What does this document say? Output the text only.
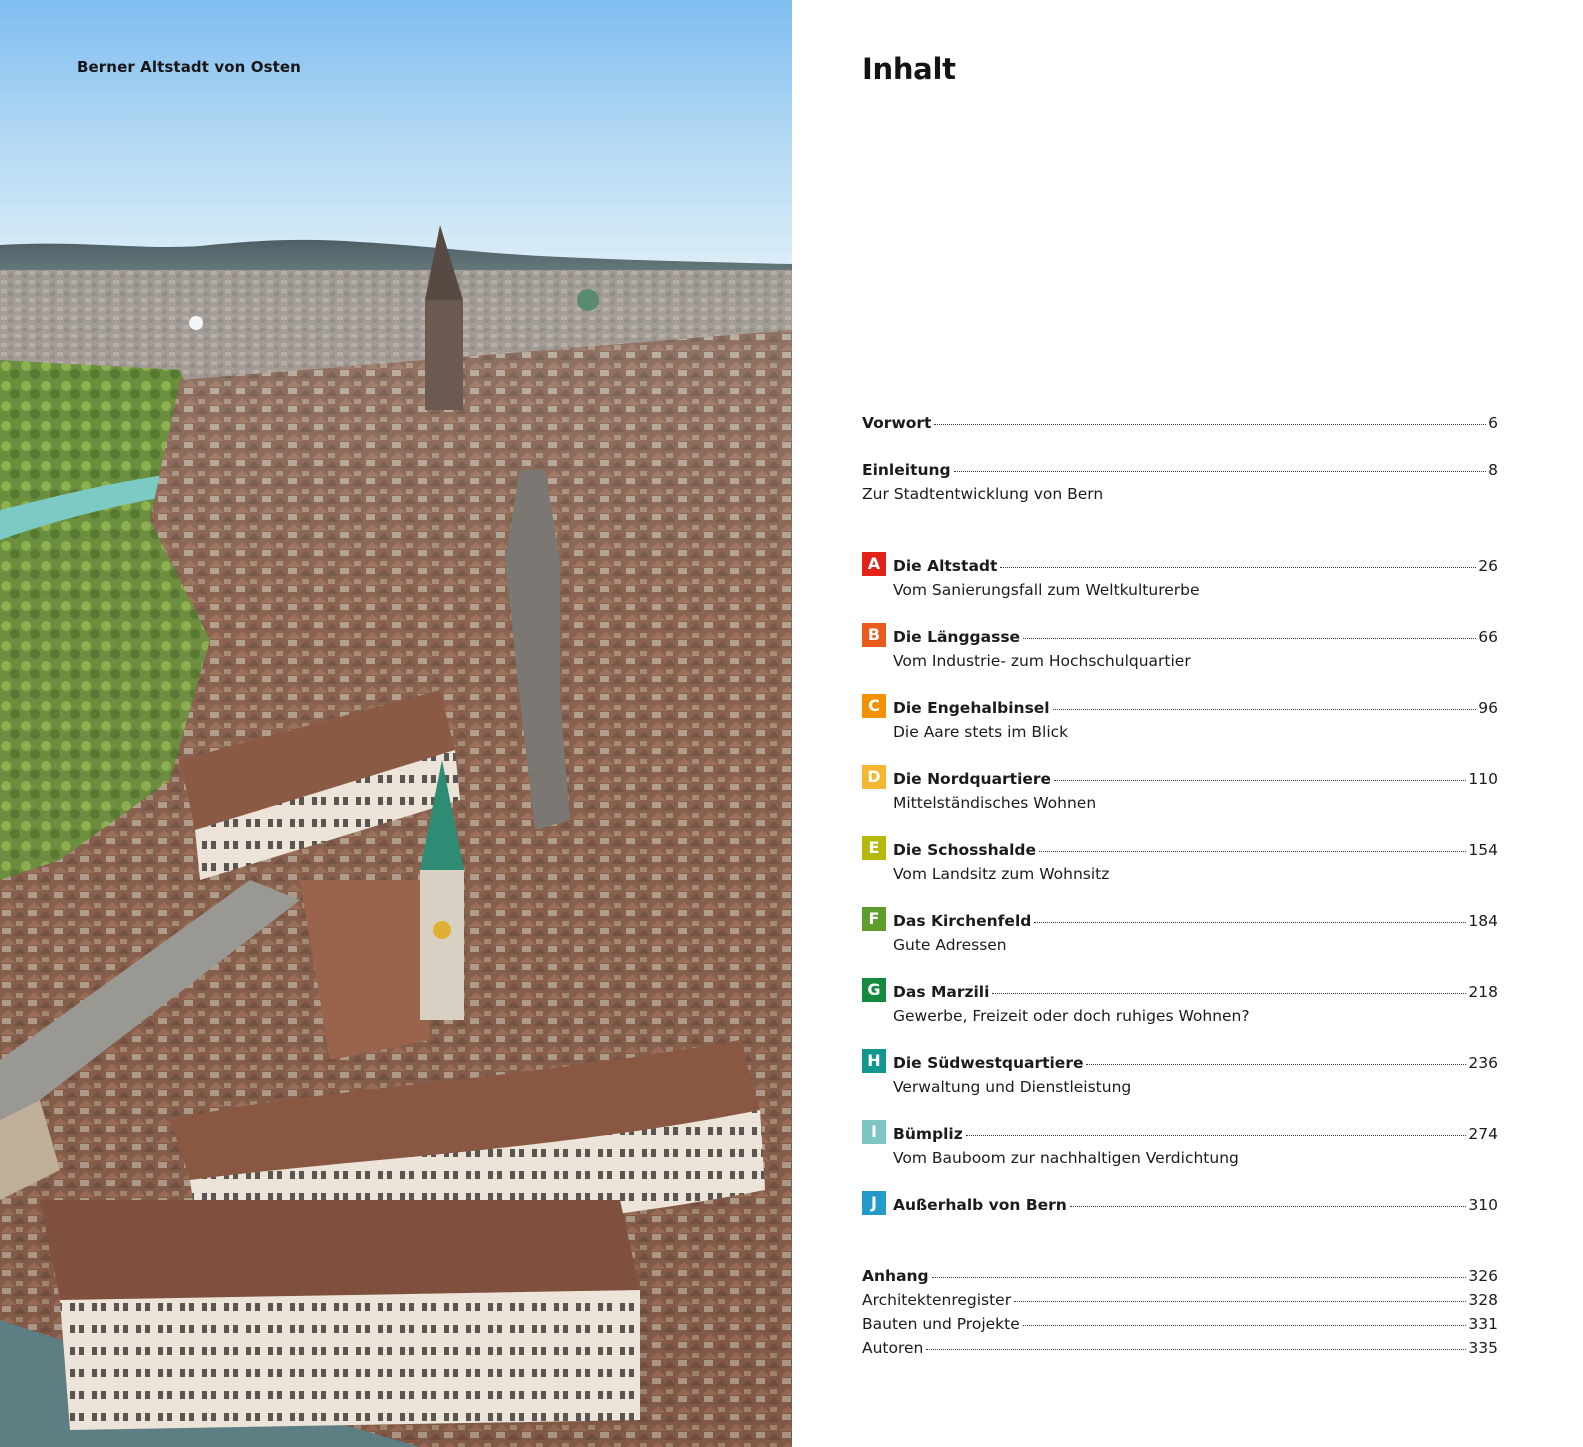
Berner Altstadt von Osten	Inhalt
Vorwort	6
Einleitung	8
Zur Stadtentwicklung von Bern
A Die Altstadt	26
Vom Sanierungsfall zum Weltkulturerbe
B Die Länggasse	66
Vom Industrie- zum Hochschulquartier
C Die Engehalbinsel	96
Die Aare stets im Blick
D Die Nordquartiere	110
Mittelständisches Wohnen
E Die Schosshalde	154
Vom Landsitz zum Wohnsitz
F Das Kirchenfeld	184
Gute Adressen
G Das Marzili	218
Gewerbe, Freizeit oder doch ruhiges Wohnen?
H Die Südwestquartiere	236
Verwaltung und Dienstleistung
I	Bümpliz	274
Vom Bauboom zur nachhaltigen Verdichtung
J	Außerhalb von Bern	310
Anhang	326
Architektenregister	328
Bauten und Projekte	331
Autoren	335
